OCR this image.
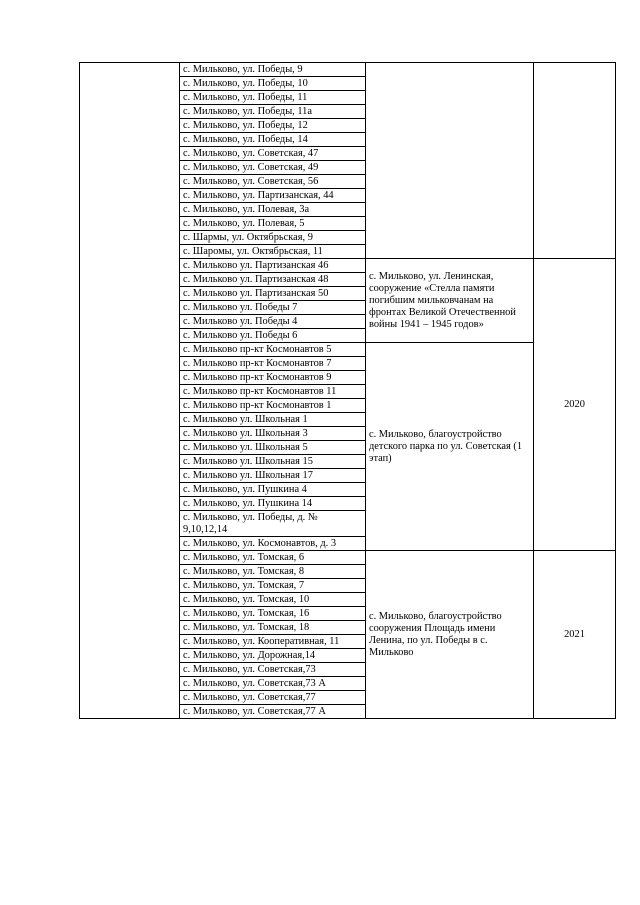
	с. Мильково, ул. Победы, 9		
	с. Мильково, ул. Победы, 10		
	с. Мильково, ул. Победы, 11		
	с. Мильково, ул. Победы, 11а		
	с. Мильково, ул. Победы, 12		
	с. Мильково, ул. Победы, 14		
	с. Мильково, ул. Советская, 47		
	с. Мильково, ул. Советская, 49		
	с. Мильково, ул. Советская, 56		
	с. Мильково, ул. Партизанская, 44		
	с. Мильково, ул. Полевая, 3а		
	с. Мильково, ул. Полевая, 5		
	с. Шармы, ул. Октябрьская, 9		
	с. Шаромы, ул. Октябрьская, 11		
	с. Мильково ул. Партизанская 46	с. Мильково, ул. Ленинская, сооружение «Стелла памяти погибшим мильковчанам на фронтах Великой Отечественной войны 1941 – 1945 годов»	2020
	с. Мильково ул. Партизанская 48		
	с. Мильково ул. Партизанская 50		
	с. Мильково ул. Победы 7		
	с. Мильково ул. Победы 4		
	с. Мильково ул. Победы 6		
	с. Мильково пр-кт Космонавтов 5	с. Мильково, благоустройство детского парка по ул. Советская (1 этап)	
	с. Мильково пр-кт Космонавтов 7		
	с. Мильково пр-кт Космонавтов 9		
	с. Мильково пр-кт Космонавтов 11		
	с. Мильково пр-кт Космонавтов 1		
	с. Мильково ул. Школьная 1		
	с. Мильково ул. Школьная 3		
	с. Мильково ул. Школьная 5		
	с. Мильково ул. Школьная 15		
	с. Мильково ул. Школьная 17		
	с. Мильково, ул. Пушкина 4		
	с. Мильково, ул. Пушкина 14		
	с. Мильково, ул. Победы, д. № 9,10,12,14		
	с. Мильково, ул. Космонавтов, д. 3		
	с. Мильково, ул. Томская, 6	с. Мильково, благоустройство сооружения Площадь имени Ленина, по ул. Победы в с. Мильково	2021
	с. Мильково, ул. Томская, 8		
	с. Мильково, ул. Томская, 7		
	с. Мильково, ул. Томская, 10		
	с. Мильково, ул. Томская, 16		
	с. Мильково, ул. Томская, 18		
	с. Мильково, ул. Кооперативная, 11		
	с. Мильково, ул. Дорожная,14		
	с. Мильково, ул. Советская,73		
	с. Мильково, ул. Советская,73 А		
	с. Мильково, ул. Советская,77		
	с. Мильково, ул. Советская,77 А		
